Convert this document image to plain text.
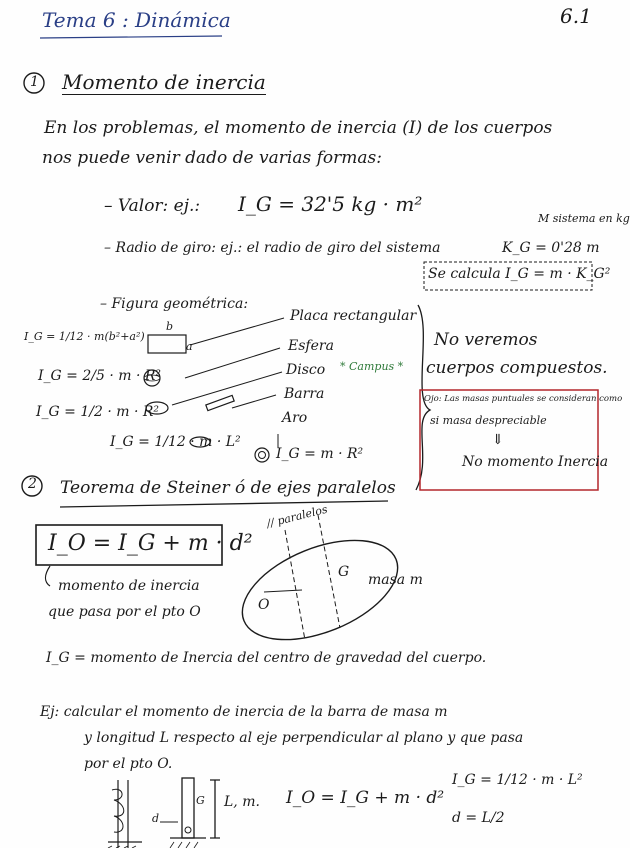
Tema 6 : Dinámica	6.1
1 Momento de inercia
En los problemas, el momento de inercia (I) de los cuerpos
nos puede venir dado de varias formas:
– Valor: ej.: I_G = 32'5 kg · m²
– Radio de giro: ej.: el radio de giro del sistema
M sistema en kg
K_G = 0'28 m
Se calcula I_G = m · K_G²
– Figura geométrica:
Placa rectangular
Esfera
Disco
Barra
Aro
* Campus *
No veremos
cuerpos compuestos.
Ojo: Las masas puntuales se consideran como
si masa despreciable
⇓
No momento Inercia
I_G = 1/12 · m(b²+a²)
a
b
I_G = 2/5 · m · R²
I_G = 1/2 · m · R²
I_G = 1/12 · m · L²
I_G = m · R²
2 Teorema de Steiner ó de ejes paralelos
I_O = I_G + m · d²
momento de inercia
que pasa por el pto O
// paralelos
masa m
G
O
I_G = momento de Inercia del centro de gravedad del cuerpo.
Ej: calcular el momento de inercia de la barra de masa m
y longitud L respecto al eje perpendicular al plano y que pasa
por el pto O.
G
d
L, m. I_O = I_G + m · d²
I_G = 1/12 · m · L²
d = L/2
